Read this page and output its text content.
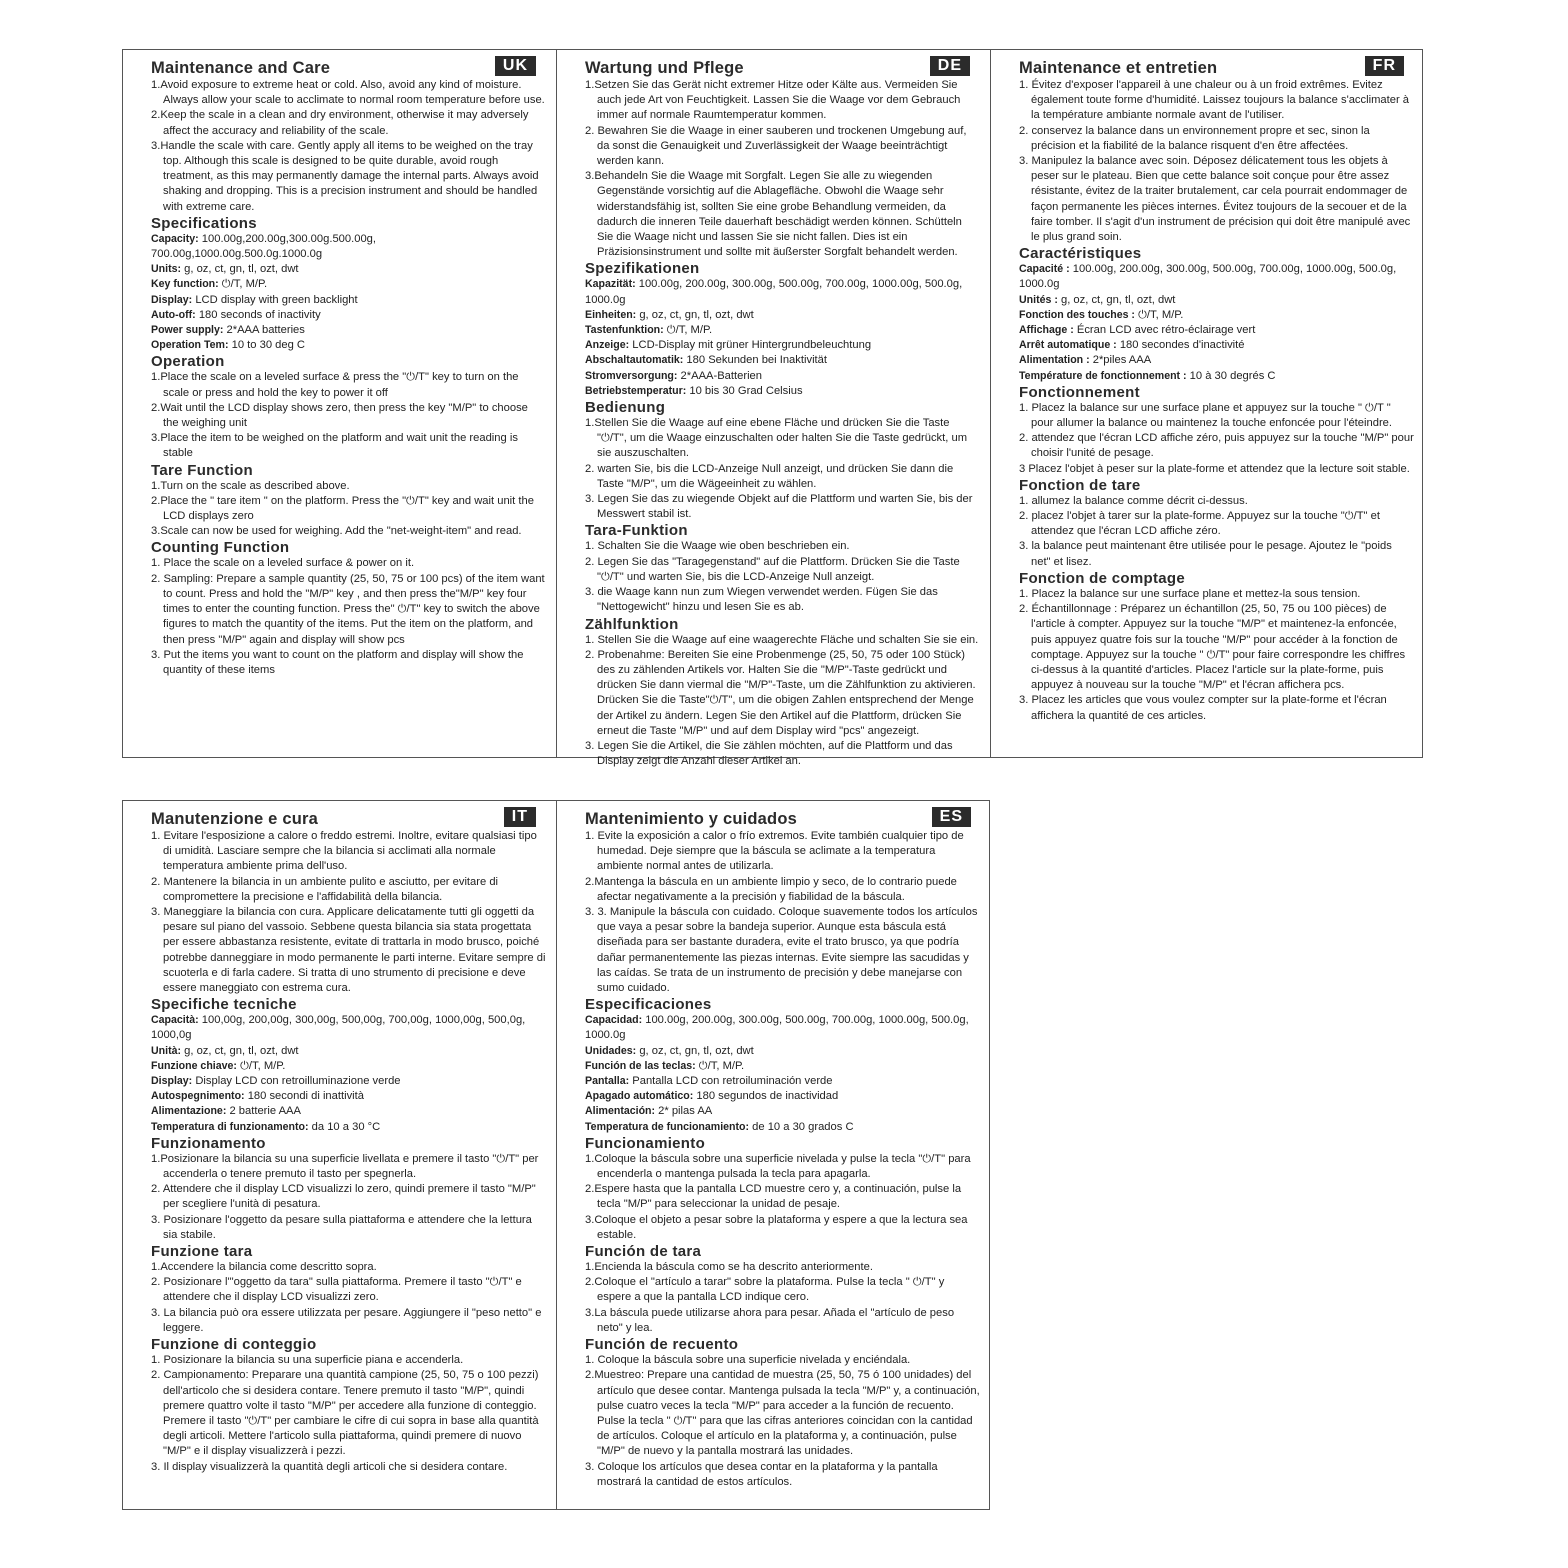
UK
Maintenance and Care
1.Avoid exposure to extreme heat or cold. Also, avoid any kind of moisture. Always allow your scale to acclimate to normal room temperature before use.
2.Keep the scale in a clean and dry environment, otherwise it may adversely affect the accuracy and reliability of the scale.
3.Handle the scale with care. Gently apply all items to be weighed on the tray top. Although this scale is designed to be quite durable, avoid rough treatment, as this may permanently damage the internal parts. Always avoid shaking and dropping. This is a precision instrument and should be handled with extreme care.
Specifications

Capacity: 100.00g,200.00g,300.00g.500.00g, 700.00g,1000.00g.500.0g.1000.0g

Units: g, oz, ct, gn, tl, ozt, dwt

Key function: ⏻/T, M/P.

Display: LCD display with green backlight

Auto-off: 180 seconds of inactivity

Power supply: 2*AAA batteries

Operation Tem: 10 to 30 deg C

Operation
1.Place the scale on a leveled surface & press the "⏻/T" key to turn on the scale or press and hold the key to power it off
2.Wait until the LCD display shows zero, then press the key "M/P" to choose the weighing unit
3.Place the item to be weighed on the platform and wait unit the reading is stable
Tare Function
1.Turn on the scale as described above.
2.Place the " tare item " on the platform. Press the "⏻/T" key and wait unit the LCD displays zero
3.Scale can now be used for weighing. Add the "net-weight-item" and read.
Counting Function
1. Place the scale on a leveled surface & power on it.
2. Sampling: Prepare a sample quantity (25, 50, 75 or 100 pcs) of the item want to count. Press and hold the "M/P" key , and then press the"M/P" key four times to enter the counting function. Press the" ⏻/T" key to switch the above figures to match the quantity of the items. Put the item on the platform, and then press "M/P" again and display will show pcs
3. Put the items you want to count on the platform and display will show the quantity of these items
DE
Wartung und Pflege
1.Setzen Sie das Gerät nicht extremer Hitze oder Kälte aus. Vermeiden Sie auch jede Art von Feuchtigkeit. Lassen Sie die Waage vor dem Gebrauch immer auf normale Raumtemperatur kommen.
2. Bewahren Sie die Waage in einer sauberen und trockenen Umgebung auf, da sonst die Genauigkeit und Zuverlässigkeit der Waage beeinträchtigt werden kann.
3.Behandeln Sie die Waage mit Sorgfalt. Legen Sie alle zu wiegenden Gegenstände vorsichtig auf die Ablagefläche. Obwohl die Waage sehr widerstandsfähig ist, sollten Sie eine grobe Behandlung vermeiden, da dadurch die inneren Teile dauerhaft beschädigt werden können. Schütteln Sie die Waage nicht und lassen Sie sie nicht fallen. Dies ist ein Präzisionsinstrument und sollte mit äußerster Sorgfalt behandelt werden.
Spezifikationen

Kapazität: 100.00g, 200.00g, 300.00g, 500.00g, 700.00g, 1000.00g, 500.0g, 1000.0g

Einheiten: g, oz, ct, gn, tl, ozt, dwt

Tastenfunktion: ⏻/T, M/P.

Anzeige: LCD-Display mit grüner Hintergrundbeleuchtung

Abschaltautomatik: 180 Sekunden bei Inaktivität

Stromversorgung: 2*AAA-Batterien

Betriebstemperatur: 10 bis 30 Grad Celsius

Bedienung
1.Stellen Sie die Waage auf eine ebene Fläche und drücken Sie die Taste "⏻/T", um die Waage einzuschalten oder halten Sie die Taste gedrückt, um sie auszuschalten.
2. warten Sie, bis die LCD-Anzeige Null anzeigt, und drücken Sie dann die Taste "M/P", um die Wägeeinheit zu wählen.
3. Legen Sie das zu wiegende Objekt auf die Plattform und warten Sie, bis der Messwert stabil ist.
Tara-Funktion
1. Schalten Sie die Waage wie oben beschrieben ein.
2. Legen Sie das "Taragegenstand" auf die Plattform. Drücken Sie die Taste "⏻/T" und warten Sie, bis die LCD-Anzeige Null anzeigt.
3. die Waage kann nun zum Wiegen verwendet werden. Fügen Sie das "Nettogewicht" hinzu und lesen Sie es ab.
Zählfunktion
1. Stellen Sie die Waage auf eine waagerechte Fläche und schalten Sie sie ein.
2. Probenahme: Bereiten Sie eine Probenmenge (25, 50, 75 oder 100 Stück) des zu zählenden Artikels vor. Halten Sie die "M/P"-Taste gedrückt und drücken Sie dann viermal die "M/P"-Taste, um die Zählfunktion zu aktivieren. Drücken Sie die Taste"⏻/T", um die obigen Zahlen entsprechend der Menge der Artikel zu ändern. Legen Sie den Artikel auf die Plattform, drücken Sie erneut die Taste "M/P" und auf dem Display wird "pcs" angezeigt.
3. Legen Sie die Artikel, die Sie zählen möchten, auf die Plattform und das Display zeigt die Anzahl dieser Artikel an.
FR
Maintenance et entretien
1. Évitez d'exposer l'appareil à une chaleur ou à un froid extrêmes. Evitez également toute forme d'humidité. Laissez toujours la balance s'acclimater à la température ambiante normale avant de l'utiliser.
2. conservez la balance dans un environnement propre et sec, sinon la précision et la fiabilité de la balance risquent d'en être affectées.
3. Manipulez la balance avec soin. Déposez délicatement tous les objets à peser sur le plateau. Bien que cette balance soit conçue pour être assez résistante, évitez de la traiter brutalement, car cela pourrait endommager de façon permanente les pièces internes. Évitez toujours de la secouer et de la faire tomber. Il s'agit d'un instrument de précision qui doit être manipulé avec le plus grand soin.
Caractéristiques

Capacité : 100.00g, 200.00g, 300.00g, 500.00g, 700.00g, 1000.00g, 500.0g, 1000.0g

Unités : g, oz, ct, gn, tl, ozt, dwt

Fonction des touches : ⏻/T, M/P.

Affichage : Écran LCD avec rétro-éclairage vert

Arrêt automatique : 180 secondes d'inactivité

Alimentation : 2*piles AAA

Température de fonctionnement : 10 à 30 degrés C

Fonctionnement
1. Placez la balance sur une surface plane et appuyez sur la touche " ⏻/T " pour allumer la balance ou maintenez la touche enfoncée pour l'éteindre.
2. attendez que l'écran LCD affiche zéro, puis appuyez sur la touche "M/P" pour choisir l'unité de pesage.
3 Placez l'objet à peser sur la plate-forme et attendez que la lecture soit stable.
Fonction de tare
1. allumez la balance comme décrit ci-dessus.
2. placez l'objet à tarer sur la plate-forme. Appuyez sur la touche "⏻/T" et attendez que l'écran LCD affiche zéro.
3. la balance peut maintenant être utilisée pour le pesage. Ajoutez le "poids net" et lisez.
Fonction de comptage
1. Placez la balance sur une surface plane et mettez-la sous tension.
2. Échantillonnage : Préparez un échantillon (25, 50, 75 ou 100 pièces) de l'article à compter. Appuyez sur la touche "M/P" et maintenez-la enfoncée, puis appuyez quatre fois sur la touche "M/P" pour accéder à la fonction de comptage. Appuyez sur la touche " ⏻/T" pour faire correspondre les chiffres ci-dessus à la quantité d'articles. Placez l'article sur la plate-forme, puis appuyez à nouveau sur la touche "M/P" et l'écran affichera pcs.
3. Placez les articles que vous voulez compter sur la plate-forme et l'écran affichera la quantité de ces articles.
IT
Manutenzione e cura
1. Evitare l'esposizione a calore o freddo estremi. Inoltre, evitare qualsiasi tipo di umidità. Lasciare sempre che la bilancia si acclimati alla normale temperatura ambiente prima dell'uso.
2. Mantenere la bilancia in un ambiente pulito e asciutto, per evitare di compromettere la precisione e l'affidabilità della bilancia.
3. Maneggiare la bilancia con cura. Applicare delicatamente tutti gli oggetti da pesare sul piano del vassoio. Sebbene questa bilancia sia stata progettata per essere abbastanza resistente, evitate di trattarla in modo brusco, poiché potrebbe danneggiare in modo permanente le parti interne. Evitare sempre di scuoterla e di farla cadere. Si tratta di uno strumento di precisione e deve essere maneggiato con estrema cura.
Specifiche tecniche

Capacità: 100,00g, 200,00g, 300,00g, 500,00g, 700,00g, 1000,00g, 500,0g, 1000,0g

Unità: g, oz, ct, gn, tl, ozt, dwt

Funzione chiave: ⏻/T, M/P.

Display: Display LCD con retroilluminazione verde

Autospegnimento: 180 secondi di inattività

Alimentazione: 2 batterie AAA

Temperatura di funzionamento: da 10 a 30 °C

Funzionamento
1.Posizionare la bilancia su una superficie livellata e premere il tasto "⏻/T" per accenderla o tenere premuto il tasto per spegnerla.
2. Attendere che il display LCD visualizzi lo zero, quindi premere il tasto "M/P" per scegliere l'unità di pesatura.
3. Posizionare l'oggetto da pesare sulla piattaforma e attendere che la lettura sia stabile.
Funzione tara
1.Accendere la bilancia come descritto sopra.
2. Posizionare l'"oggetto da tara" sulla piattaforma. Premere il tasto "⏻/T" e attendere che il display LCD visualizzi zero.
3. La bilancia può ora essere utilizzata per pesare. Aggiungere il "peso netto" e leggere.
Funzione di conteggio
1. Posizionare la bilancia su una superficie piana e accenderla.
2. Campionamento: Preparare una quantità campione (25, 50, 75 o 100 pezzi) dell'articolo che si desidera contare. Tenere premuto il tasto "M/P", quindi premere quattro volte il tasto "M/P" per accedere alla funzione di conteggio. Premere il tasto "⏻/T" per cambiare le cifre di cui sopra in base alla quantità degli articoli. Mettere l'articolo sulla piattaforma, quindi premere di nuovo "M/P" e il display visualizzerà i pezzi.
3. Il display visualizzerà la quantità degli articoli che si desidera contare.
ES
Mantenimiento y cuidados
1. Evite la exposición a calor o frío extremos. Evite también cualquier tipo de humedad. Deje siempre que la báscula se aclimate a la temperatura ambiente normal antes de utilizarla.
2.Mantenga la báscula en un ambiente limpio y seco, de lo contrario puede afectar negativamente a la precisión y fiabilidad de la báscula.
3. 3. Manipule la báscula con cuidado. Coloque suavemente todos los artículos que vaya a pesar sobre la bandeja superior. Aunque esta báscula está diseñada para ser bastante duradera, evite el trato brusco, ya que podría dañar permanentemente las piezas internas. Evite siempre las sacudidas y las caídas. Se trata de un instrumento de precisión y debe manejarse con sumo cuidado.
Especificaciones

Capacidad: 100.00g, 200.00g, 300.00g, 500.00g, 700.00g, 1000.00g, 500.0g, 1000.0g

Unidades: g, oz, ct, gn, tl, ozt, dwt

Función de las teclas: ⏻/T, M/P.

Pantalla: Pantalla LCD con retroiluminación verde

Apagado automático: 180 segundos de inactividad

Alimentación: 2* pilas AA

Temperatura de funcionamiento: de 10 a 30 grados C

Funcionamiento
1.Coloque la báscula sobre una superficie nivelada y pulse la tecla "⏻/T" para encenderla o mantenga pulsada la tecla para apagarla.
2.Espere hasta que la pantalla LCD muestre cero y, a continuación, pulse la tecla "M/P" para seleccionar la unidad de pesaje.
3.Coloque el objeto a pesar sobre la plataforma y espere a que la lectura sea estable.
Función de tara
1.Encienda la báscula como se ha descrito anteriormente.
2.Coloque el "artículo a tarar" sobre la plataforma. Pulse la tecla " ⏻/T" y espere a que la pantalla LCD indique cero.
3.La báscula puede utilizarse ahora para pesar. Añada el "artículo de peso neto" y lea.
Función de recuento
1. Coloque la báscula sobre una superficie nivelada y enciéndala.
2.Muestreo: Prepare una cantidad de muestra (25, 50, 75 ó 100 unidades) del artículo que desee contar. Mantenga pulsada la tecla "M/P" y, a continuación, pulse cuatro veces la tecla "M/P" para acceder a la función de recuento. Pulse la tecla " ⏻/T" para que las cifras anteriores coincidan con la cantidad de artículos. Coloque el artículo en la plataforma y, a continuación, pulse "M/P" de nuevo y la pantalla mostrará las unidades.
3. Coloque los artículos que desea contar en la plataforma y la pantalla mostrará la cantidad de estos artículos.
